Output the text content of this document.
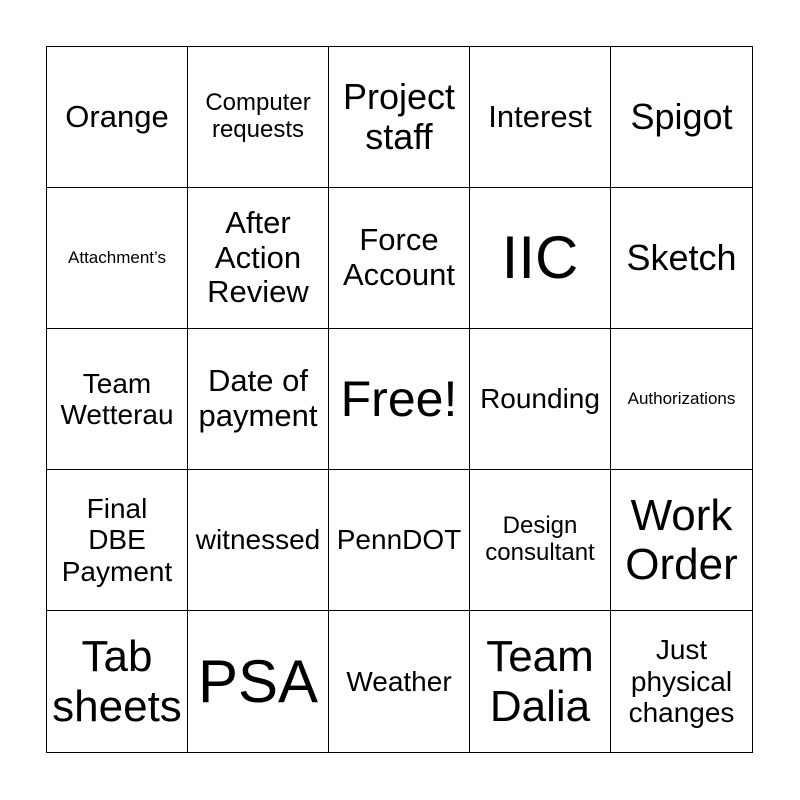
Orange Computer
requests
Project
staff	Interest Spigot
Attachment’s
After
Action
Review
Force
Account IIC Sketch
Team
Wetterau
Date of
payment Free! Rounding Authorizations
Final
DBE
Payment
witnessed PennDOT	Design
consultant
Work
Order
Tab
sheets PSA Weather
Team
Dalia
Just
physical
changes
